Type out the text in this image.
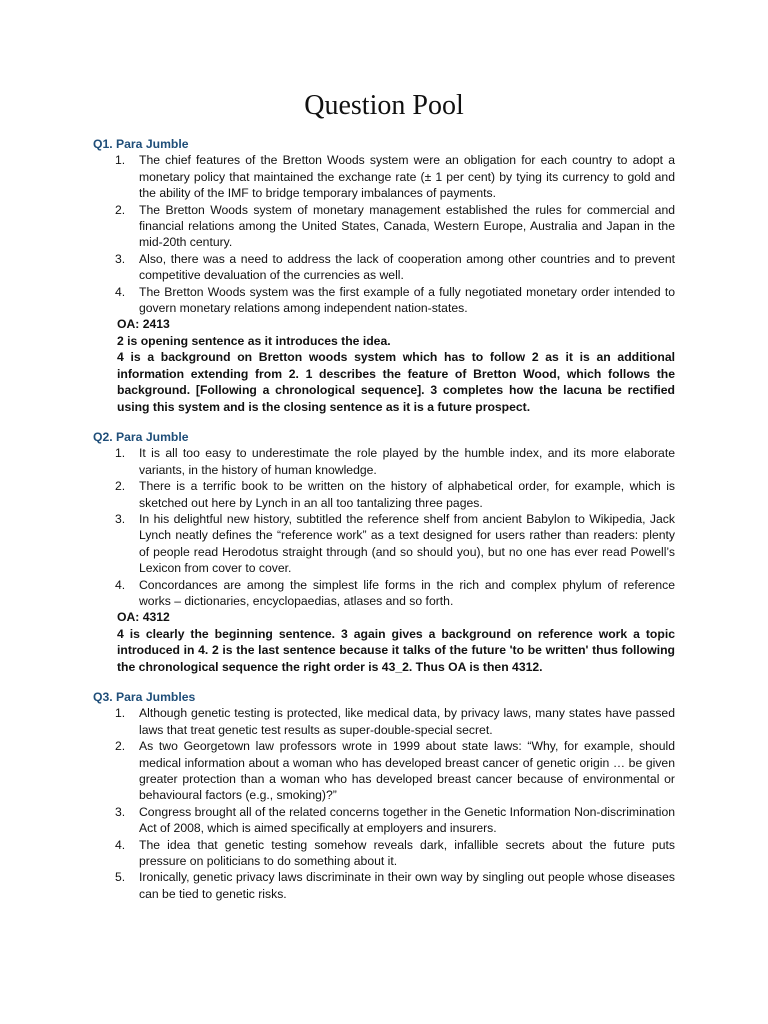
Question Pool
Q1. Para Jumble
1. The chief features of the Bretton Woods system were an obligation for each country to adopt a monetary policy that maintained the exchange rate (± 1 per cent) by tying its currency to gold and the ability of the IMF to bridge temporary imbalances of payments.
2. The Bretton Woods system of monetary management established the rules for commercial and financial relations among the United States, Canada, Western Europe, Australia and Japan in the mid-20th century.
3. Also, there was a need to address the lack of cooperation among other countries and to prevent competitive devaluation of the currencies as well.
4. The Bretton Woods system was the first example of a fully negotiated monetary order intended to govern monetary relations among independent nation-states.
OA: 2413
2 is opening sentence as it introduces the idea.
4 is a background on Bretton woods system which has to follow 2 as it is an additional information extending from 2. 1 describes the feature of Bretton Wood, which follows the background. [Following a chronological sequence]. 3 completes how the lacuna be rectified using this system and is the closing sentence as it is a future prospect.
Q2. Para Jumble
1. It is all too easy to underestimate the role played by the humble index, and its more elaborate variants, in the history of human knowledge.
2. There is a terrific book to be written on the history of alphabetical order, for example, which is sketched out here by Lynch in an all too tantalizing three pages.
3. In his delightful new history, subtitled the reference shelf from ancient Babylon to Wikipedia, Jack Lynch neatly defines the “reference work” as a text designed for users rather than readers: plenty of people read Herodotus straight through (and so should you), but no one has ever read Powell’s Lexicon from cover to cover.
4. Concordances are among the simplest life forms in the rich and complex phylum of reference works – dictionaries, encyclopaedias, atlases and so forth.
OA: 4312
4 is clearly the beginning sentence. 3 again gives a background on reference work a topic introduced in 4. 2 is the last sentence because it talks of the future 'to be written' thus following the chronological sequence the right order is 43_2. Thus OA is then 4312.
Q3. Para Jumbles
1. Although genetic testing is protected, like medical data, by privacy laws, many states have passed laws that treat genetic test results as super-double-special secret.
2. As two Georgetown law professors wrote in 1999 about state laws: “Why, for example, should medical information about a woman who has developed breast cancer of genetic origin … be given greater protection than a woman who has developed breast cancer because of environmental or behavioural factors (e.g., smoking)?”
3. Congress brought all of the related concerns together in the Genetic Information Non-discrimination Act of 2008, which is aimed specifically at employers and insurers.
4. The idea that genetic testing somehow reveals dark, infallible secrets about the future puts pressure on politicians to do something about it.
5. Ironically, genetic privacy laws discriminate in their own way by singling out people whose diseases can be tied to genetic risks.
